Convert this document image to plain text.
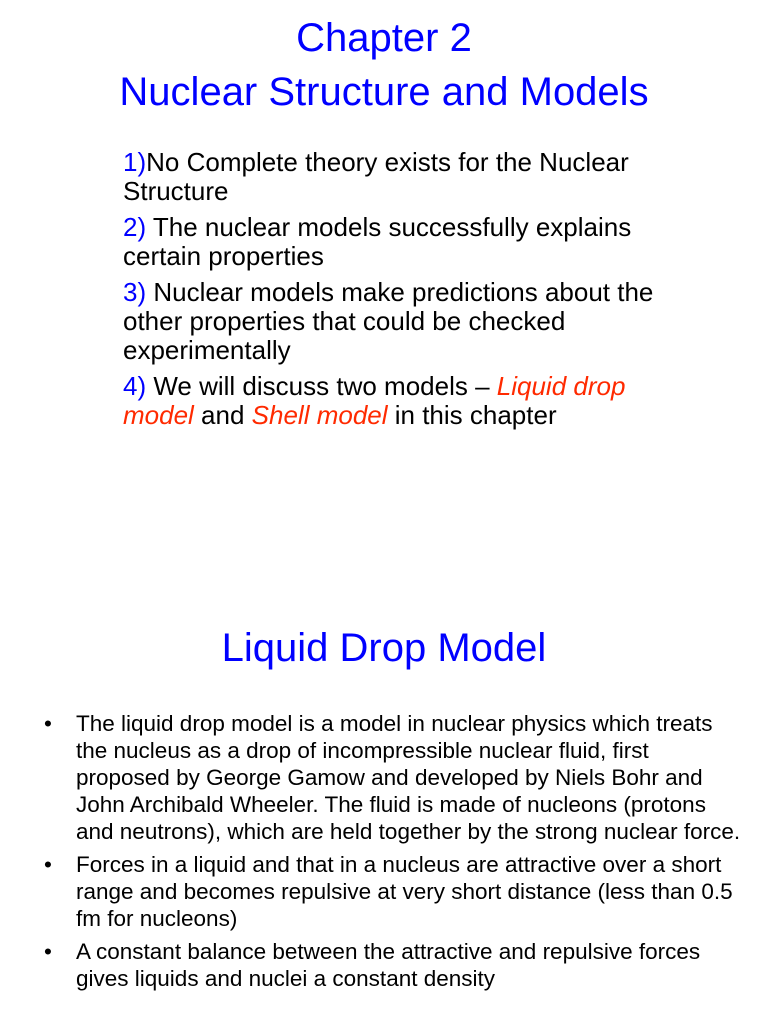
Chapter 2
Nuclear Structure and Models
1)No Complete theory exists for the Nuclear Structure
2) The nuclear models successfully explains certain properties
3) Nuclear models make predictions about the other properties that could be checked experimentally
4) We will discuss two models – Liquid drop model and Shell model in this chapter
Liquid Drop Model
• The liquid drop model is a model in nuclear physics which treats the nucleus as a drop of incompressible nuclear fluid, first proposed by George Gamow and developed by Niels Bohr and John Archibald Wheeler. The fluid is made of nucleons (protons and neutrons), which are held together by the strong nuclear force.
• Forces in a liquid and that in a nucleus are attractive over a short range and becomes repulsive at very short distance (less than 0.5 fm for nucleons)
• A constant balance between the attractive and repulsive forces gives liquids and nuclei a constant density
